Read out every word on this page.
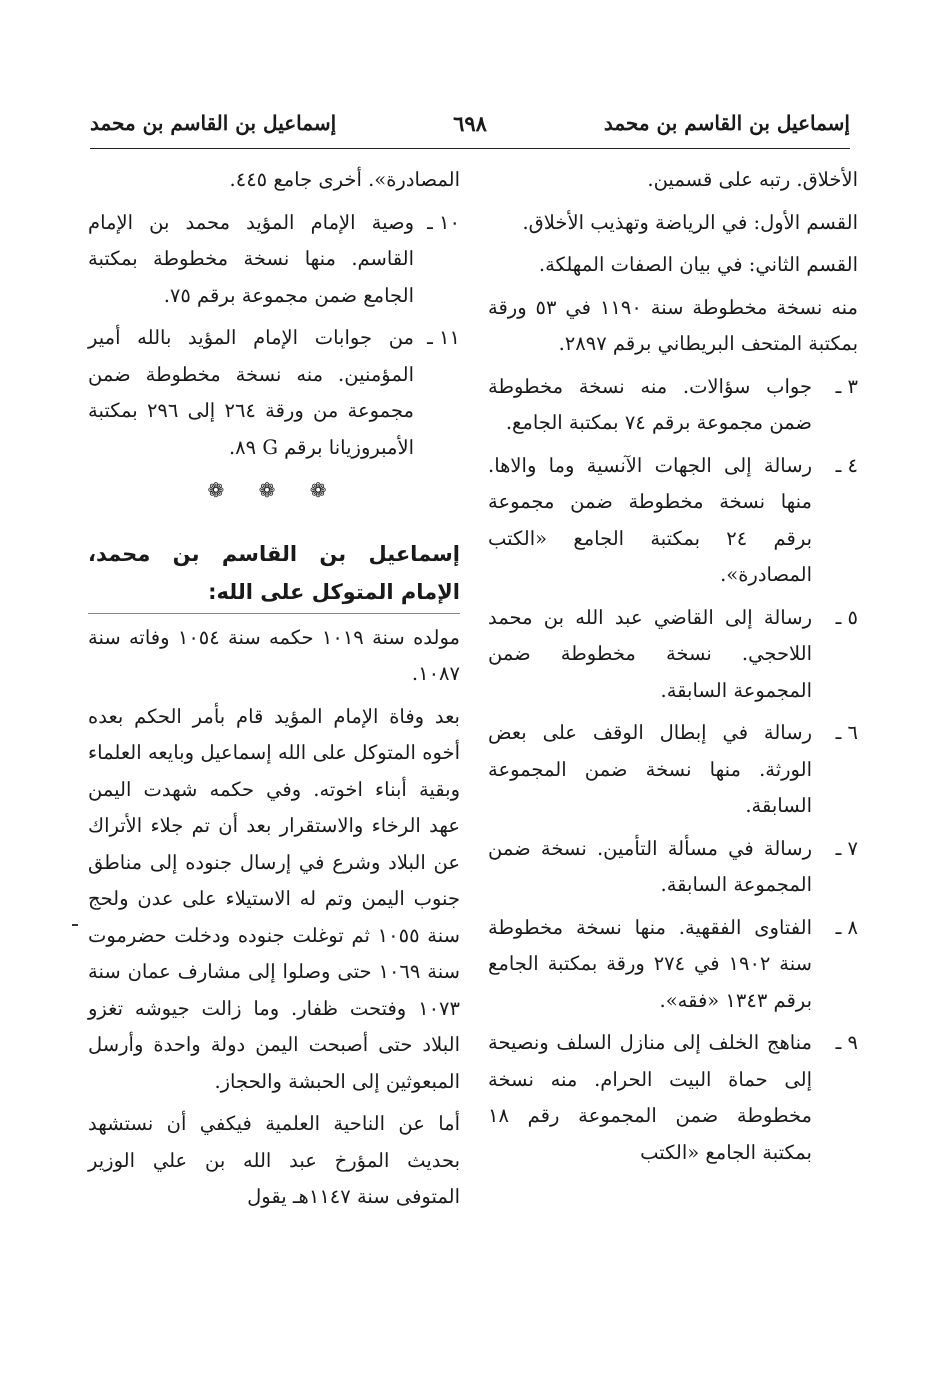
إسماعيل بن القاسم بن محمد	٦٩٨	إسماعيل بن القاسم بن محمد

الأخلاق. رتبه على قسمين.

القسم الأول: في الرياضة وتهذيب الأخلاق.

القسم الثاني: في بيان الصفات المهلكة.

منه نسخة مخطوطة سنة ١١٩٠ في ٥٣ ورقة بمكتبة المتحف البريطاني برقم ٢٨٩٧.

٣ ـ
جواب سؤالات. منه نسخة مخطوطة ضمن مجموعة برقم ٧٤ بمكتبة الجامع.
٤ ـ
رسالة إلى الجهات الآنسية وما والاها. منها نسخة مخطوطة ضمن مجموعة برقم ٢٤ بمكتبة الجامع «الكتب المصادرة».
٥ ـ
رسالة إلى القاضي عبد الله بن محمد اللاحجي. نسخة مخطوطة ضمن المجموعة السابقة.
٦ ـ
رسالة في إبطال الوقف على بعض الورثة. منها نسخة ضمن المجموعة السابقة.
٧ ـ
رسالة في مسألة التأمين. نسخة ضمن المجموعة السابقة.
٨ ـ
الفتاوى الفقهية. منها نسخة مخطوطة سنة ١٩٠٢ في ٢٧٤ ورقة بمكتبة الجامع برقم ١٣٤٣ «فقه».
٩ ـ
مناهج الخلف إلى منازل السلف ونصيحة إلى حماة البيت الحرام. منه نسخة مخطوطة ضمن المجموعة رقم ١٨ بمكتبة الجامع «الكتب

المصادرة». أخرى جامع ٤٤٥.

١٠ ـ
وصية الإمام المؤيد محمد بن الإمام القاسم. منها نسخة مخطوطة بمكتبة الجامع ضمن مجموعة برقم ٧٥.
١١ ـ
من جوابات الإمام المؤيد بالله أمير المؤمنين. منه نسخة مخطوطة ضمن مجموعة من ورقة ٢٦٤ إلى ٢٩٦ بمكتبة الأمبروزيانا برقم G ٨٩.
❁ ❁ ❁
إسماعيل بن القاسم بن محمد، الإمام المتوكل على الله:

مولده سنة ١٠١٩ حكمه سنة ١٠٥٤ وفاته سنة ١٠٨٧.

بعد وفاة الإمام المؤيد قام بأمر الحكم بعده أخوه المتوكل على الله إسماعيل وبايعه العلماء وبقية أبناء اخوته. وفي حكمه شهدت اليمن عهد الرخاء والاستقرار بعد أن تم جلاء الأتراك عن البلاد وشرع في إرسال جنوده إلى مناطق جنوب اليمن وتم له الاستيلاء على عدن ولحج سنة ١٠٥٥ ثم توغلت جنوده ودخلت حضرموت سنة ١٠٦٩ حتى وصلوا إلى مشارف عمان سنة ١٠٧٣ وفتحت ظفار. وما زالت جيوشه تغزو البلاد حتى أصبحت اليمن دولة واحدة وأرسل المبعوثين إلى الحبشة والحجاز.

أما عن الناحية العلمية فيكفي أن نستشهد بحديث المؤرخ عبد الله بن علي الوزير المتوفى سنة ١١٤٧هـ يقول
